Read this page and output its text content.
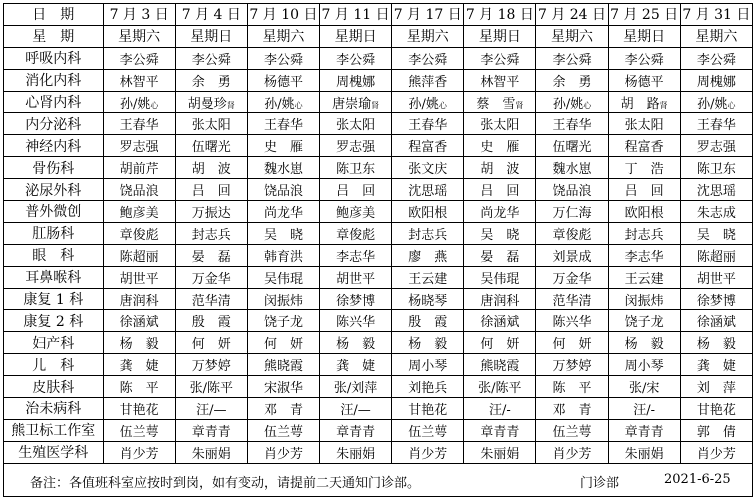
日　期	7 月 3 日	7 月 4 日	7 月 10 日	7 月 11 日	7 月 17 日	7 月 18 日	7 月 24 日	7 月 25 日	7 月 31 日
星　期	星期六	星期日	星期六	星期日	星期六	星期日	星期六	星期日	星期六
呼吸内科	李公舜	李公舜	李公舜	李公舜	李公舜	李公舜	李公舜	李公舜	李公舜
消化内科	林智平	余　勇	杨德平	周槐娜	熊萍香	林智平	余　勇	杨德平	周槐娜
心肾内科	孙/姚心	胡曼珍肾	孙/姚心	唐崇瑜肾	孙/姚心	蔡　雪肾	孙/姚心	胡　路肾	孙/姚心
内分泌科	王春华	张太阳	王春华	张太阳	王春华	张太阳	王春华	张太阳	王春华
神经内科	罗志强	伍曙光	史　雁	罗志强	程富香	史　雁	伍曙光	程富香	罗志强
骨伤科	胡前芹	胡　波	魏水崽	陈卫东	张文庆	胡　波	魏水崽	丁　浩	陈卫东
泌尿外科	饶品浪	吕　回	饶品浪	吕　回	沈思瑶	吕　回	饶品浪	吕　回	沈思瑶
普外微创	鲍彦美	万振达	尚龙华	鲍彦美	欧阳根	尚龙华	万仁海	欧阳根	朱志成
肛肠科	章俊彪	封志兵	吴　晓	章俊彪	封志兵	吴　晓	章俊彪	封志兵	吴　晓
眼　科	陈超丽	晏　磊	韩育洪	李志华	廖　燕	晏　磊	刘景成	李志华	陈超丽
耳鼻喉科	胡世平	万金华	吴伟琨	胡世平	王云建	吴伟琨	万金华	王云建	胡世平
康复 1 科	唐润科	范华清	闵振炜	徐梦博	杨晓琴	唐润科	范华清	闵振炜	徐梦博
康复 2 科	徐涵斌	殷　霞	饶子龙	陈兴华	殷　霞	徐涵斌	陈兴华	饶子龙	徐涵斌
妇产科	杨　毅	何　妍	何　妍	杨　毅	杨　毅	何　妍	何　妍	杨　毅	杨　毅
儿　科	龚　婕	万梦婷	熊晓霞	龚　婕	周小琴	熊晓霞	万梦婷	周小琴	龚　婕
皮肤科	陈　平	张/陈平	宋淑华	张/刘萍	刘艳兵	张/陈平	陈　平	张/宋	刘　萍
治未病科	甘艳花	汪/—	邓　青	汪/—	甘艳花	汪/-	邓　青	汪/-	甘艳花
熊卫标工作室	伍兰萼	章青青	伍兰萼	章青青	伍兰萼	章青青	伍兰萼	章青青	郭　倩
生殖医学科	肖少芳	朱丽娟	肖少芳	朱丽娟	肖少芳	朱丽娟	肖少芳	朱丽娟	肖少芳
备注：各值班科室应按时到岗，如有变动，请提前二天通知门诊部。	门诊部	2021-6-25
